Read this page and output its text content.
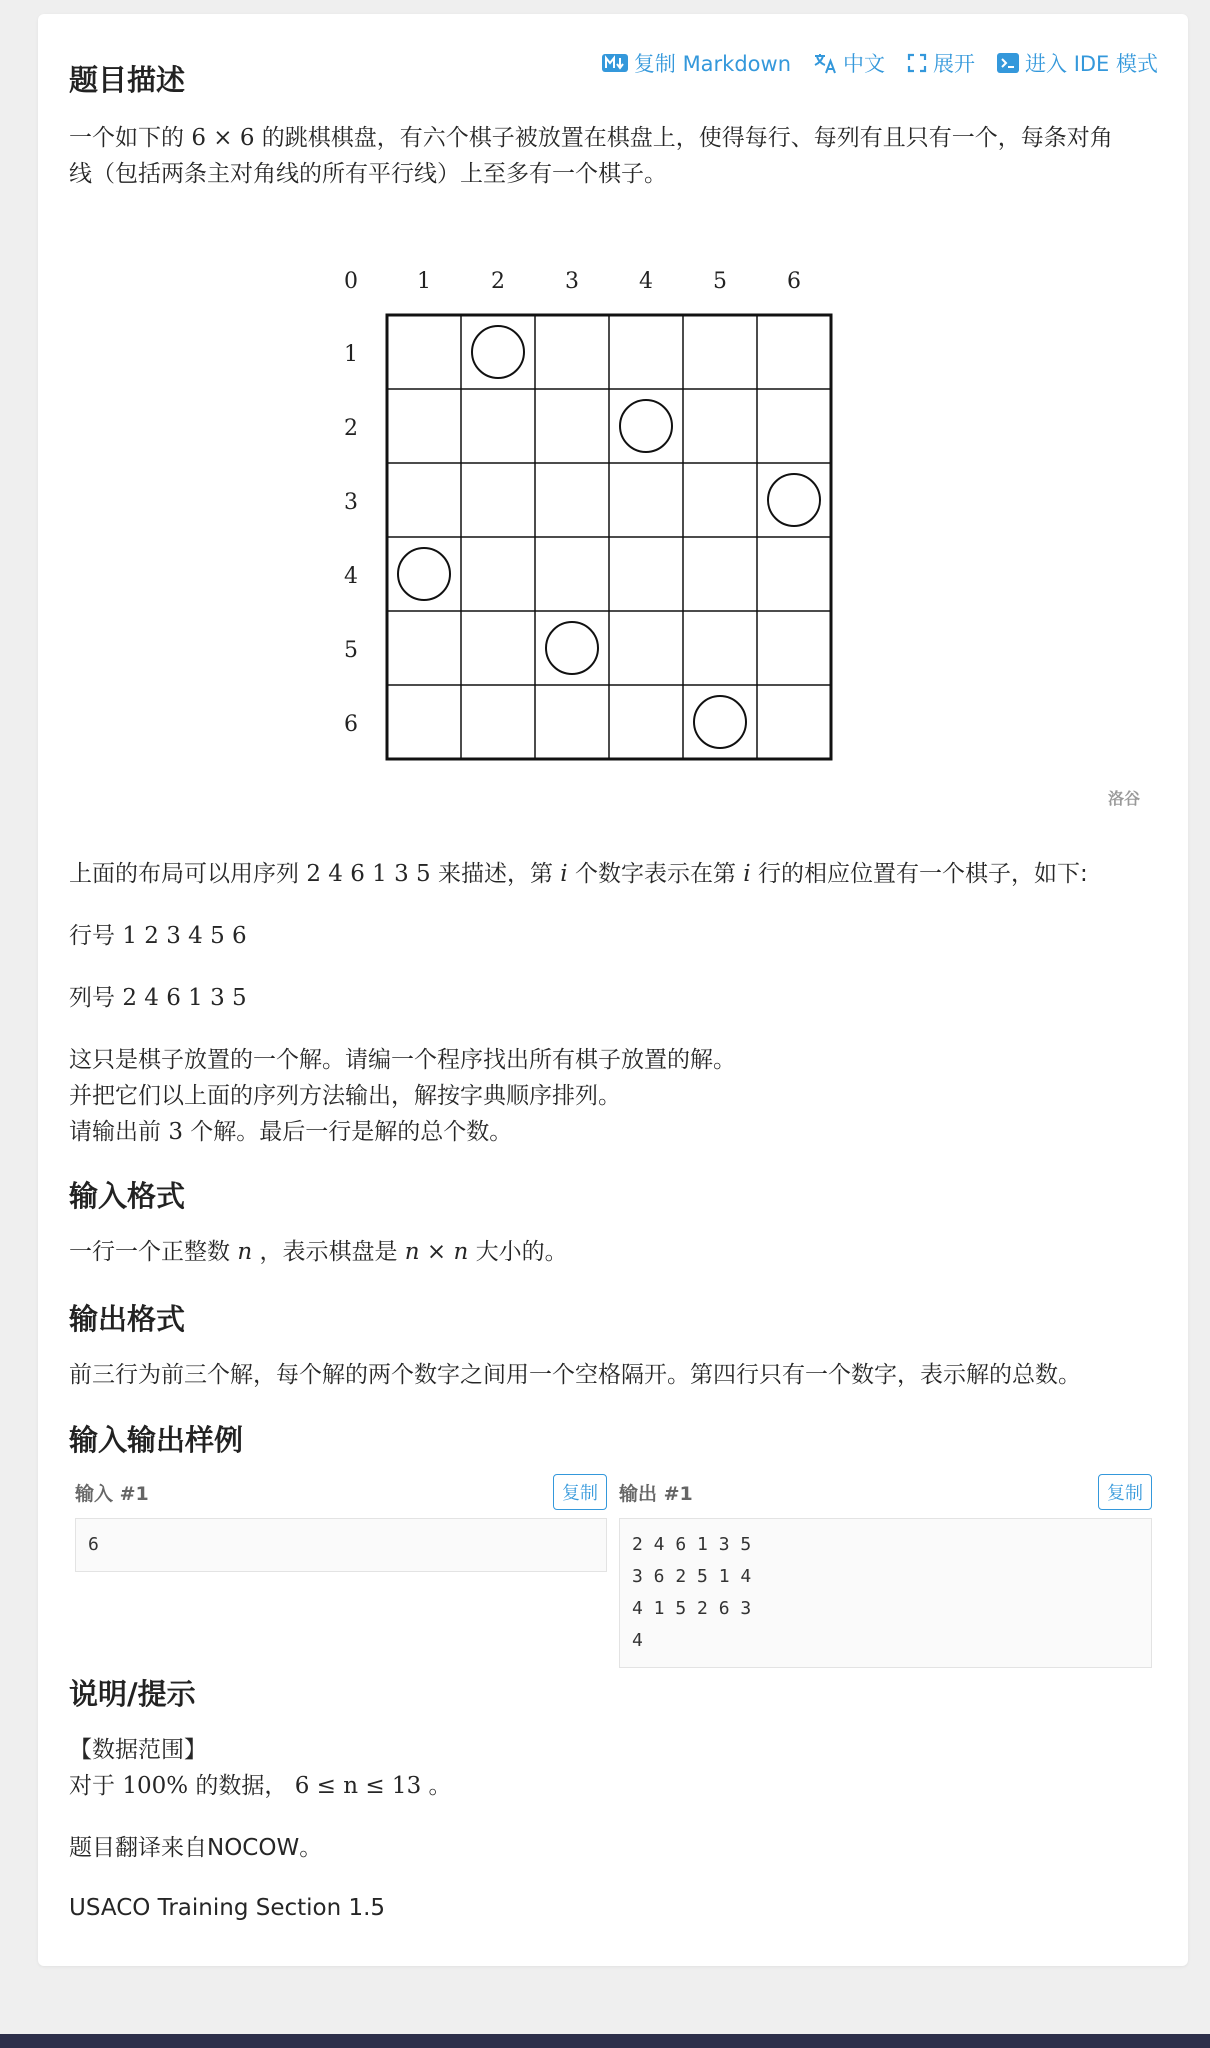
题目描述	复制 Markdown 中文 展开 进入 IDE 模式
一个如下的 6 × 6 的跳棋棋盘，有六个棋子被放置在棋盘上，使得每行、每列有且只有一个，每条对角
线（包括两条主对角线的所有平行线）上至多有一个棋子。
0	1	2	3	4	5	6
1
2
3
4
5
6
洛谷
上面的布局可以用序列 2 4 6 1 3 5 来描述，第 i 个数字表示在第 i 行的相应位置有一个棋子，如下:
行号 1 2 3 4 5 6
列号 2 4 6 1 3 5
这只是棋子放置的一个解。请编一个程序找出所有棋子放置的解。
并把它们以上面的序列方法输出，解按字典顺序排列。
请输出前 3 个解。最后一行是解的总个数。
输入格式
一行一个正整数 n ，表示棋盘是 n × n 大小的。
输出格式
前三行为前三个解，每个解的两个数字之间用一个空格隔开。第四行只有一个数字，表示解的总数。
输入输出样例
输入 #1	复制
6
输出 #1	复制
2 4 6 1 3 5
3 6 2 5 1 4
4 1 5 2 6 3
4
说明/提示
【数据范围】
对于 100% 的数据， 6 ≤ n ≤ 13 。
题目翻译来自NOCOW。
USACO Training Section 1.5
